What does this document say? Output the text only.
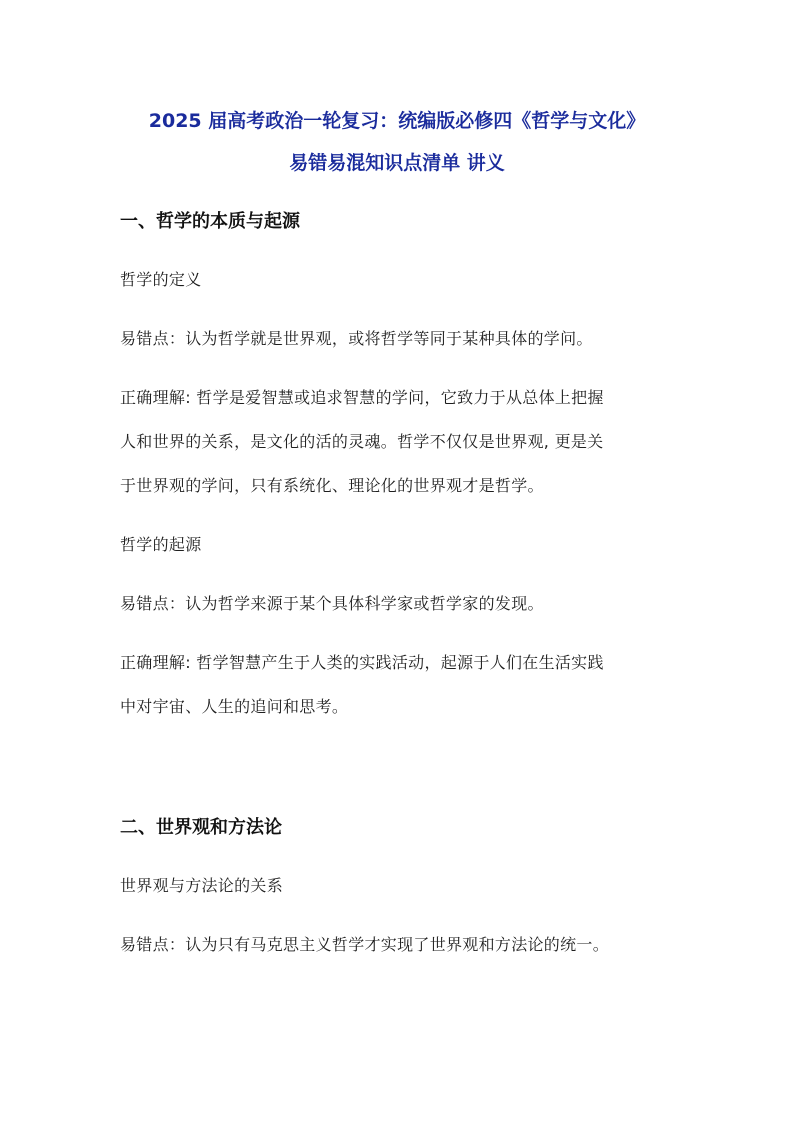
2025 届高考政治一轮复习：统编版必修四《哲学与文化》
易错易混知识点清单 讲义
一、哲学的本质与起源
哲学的定义
易错点：认为哲学就是世界观，或将哲学等同于某种具体的学问。
正确理解: 哲学是爱智慧或追求智慧的学问，它致力于从总体上把握
人和世界的关系，是文化的活的灵魂。哲学不仅仅是世界观, 更是关
于世界观的学问，只有系统化、理论化的世界观才是哲学。
哲学的起源
易错点：认为哲学来源于某个具体科学家或哲学家的发现。
正确理解: 哲学智慧产生于人类的实践活动，起源于人们在生活实践
中对宇宙、人生的追问和思考。
二、世界观和方法论
世界观与方法论的关系
易错点：认为只有马克思主义哲学才实现了世界观和方法论的统一。
